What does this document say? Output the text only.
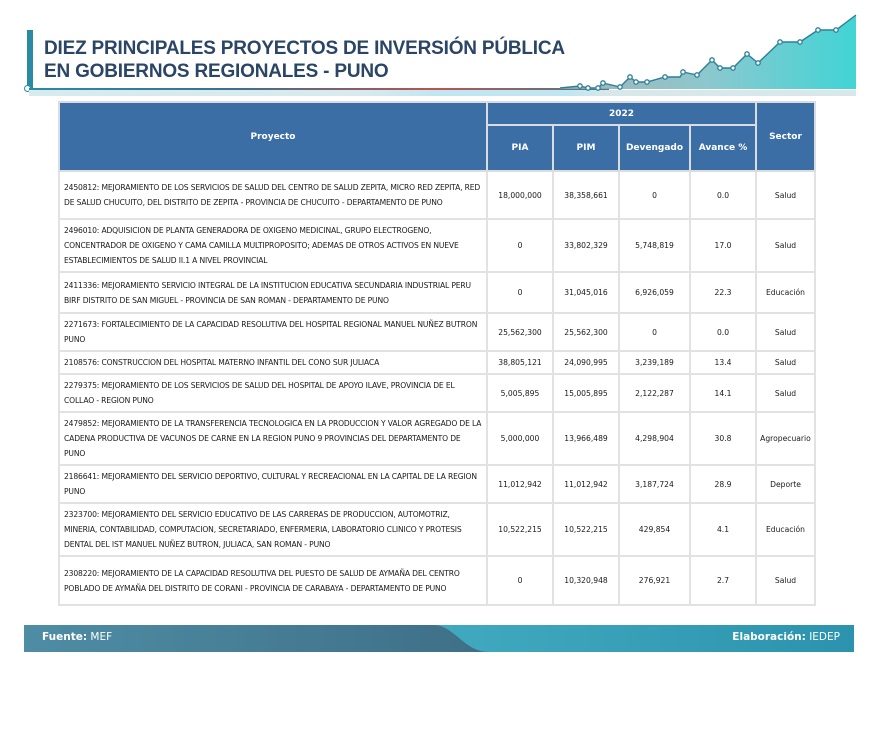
DIEZ PRINCIPALES PROYECTOS DE INVERSIÓN PÚBLICA
EN GOBIERNOS REGIONALES - PUNO
Proyecto	2022				Sector
	PIA	PIM	Devengado	Avance %	
2450812: MEJORAMIENTO DE LOS SERVICIOS DE SALUD DEL CENTRO DE SALUD ZEPITA, MICRO RED ZEPITA, RED DE SALUD CHUCUITO, DEL DISTRITO DE ZEPITA - PROVINCIA DE CHUCUITO - DEPARTAMENTO DE PUNO	18,000,000	38,358,661	0	0.0	Salud
2496010: ADQUISICION DE PLANTA GENERADORA DE OXIGENO MEDICINAL, GRUPO ELECTROGENO, CONCENTRADOR DE OXIGENO Y CAMA CAMILLA MULTIPROPOSITO; ADEMAS DE OTROS ACTIVOS EN NUEVE ESTABLECIMIENTOS DE SALUD II.1 A NIVEL PROVINCIAL	0	33,802,329	5,748,819	17.0	Salud
2411336: MEJORAMIENTO SERVICIO INTEGRAL DE LA INSTITUCION EDUCATIVA SECUNDARIA INDUSTRIAL PERU BIRF DISTRITO DE SAN MIGUEL - PROVINCIA DE SAN ROMAN - DEPARTAMENTO DE PUNO	0	31,045,016	6,926,059	22.3	Educación
2271673: FORTALECIMIENTO DE LA CAPACIDAD RESOLUTIVA DEL HOSPITAL REGIONAL MANUEL NUÑEZ BUTRON PUNO	25,562,300	25,562,300	0	0.0	Salud
2108576: CONSTRUCCION DEL HOSPITAL MATERNO INFANTIL DEL CONO SUR JULIACA	38,805,121	24,090,995	3,239,189	13.4	Salud
2279375: MEJORAMIENTO DE LOS SERVICIOS DE SALUD DEL HOSPITAL DE APOYO ILAVE, PROVINCIA DE EL COLLAO - REGION PUNO	5,005,895	15,005,895	2,122,287	14.1	Salud
2479852: MEJORAMIENTO DE LA TRANSFERENCIA TECNOLOGICA EN LA PRODUCCION Y VALOR AGREGADO DE LA CADENA PRODUCTIVA DE VACUNOS DE CARNE EN LA REGION PUNO 9 PROVINCIAS DEL DEPARTAMENTO DE PUNO	5,000,000	13,966,489	4,298,904	30.8	Agropecuario
2186641: MEJORAMIENTO DEL SERVICIO DEPORTIVO, CULTURAL Y RECREACIONAL EN LA CAPITAL DE LA REGION PUNO	11,012,942	11,012,942	3,187,724	28.9	Deporte
2323700: MEJORAMIENTO DEL SERVICIO EDUCATIVO DE LAS CARRERAS DE PRODUCCION, AUTOMOTRIZ, MINERIA, CONTABILIDAD, COMPUTACION, SECRETARIADO, ENFERMERIA, LABORATORIO CLINICO Y PROTESIS DENTAL DEL IST MANUEL NUÑEZ BUTRON, JULIACA, SAN ROMAN - PUNO	10,522,215	10,522,215	429,854	4.1	Educación
2308220: MEJORAMIENTO DE LA CAPACIDAD RESOLUTIVA DEL PUESTO DE SALUD DE AYMAÑA DEL CENTRO POBLADO DE AYMAÑA DEL DISTRITO DE CORANI - PROVINCIA DE CARABAYA - DEPARTAMENTO DE PUNO	0	10,320,948	276,921	2.7	Salud
Fuente: MEF	Elaboración: IEDEP
